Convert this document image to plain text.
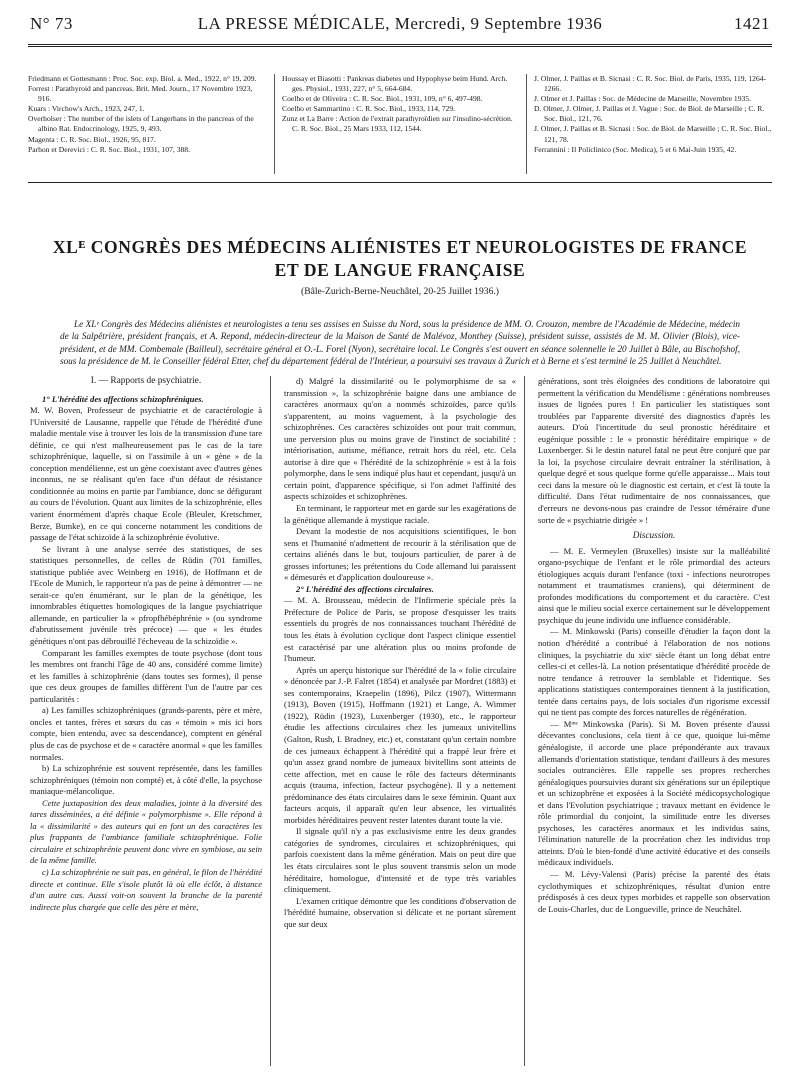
N° 73	LA PRESSE MÉDICALE, Mercredi, 9 Septembre 1936	1421

Friedmann et Gottesmann : Proc. Soc. exp. Biol. a. Med., 1922, n° 19, 209.

Forrest : Parathyroid and pancreas. Brit. Med. Journ., 17 Novembre 1923, 916.

Kuars : Virchow's Arch., 1923, 247, 1.

Overholser : The number of the islets of Langerhans in the pancreas of the albino Rat. Endocrinology, 1925, 9, 493.

Magenta : C. R. Soc. Biol., 1926, 95, 817.

Parhon et Derevici : C. R. Soc. Biol., 1931, 107, 388.

Houssay et Biasotti : Pankreas diabetes und Hypophyse beim Hund. Arch. ges. Physiol., 1931, 227, n° 5, 664-684.

Coelho et de Oliveira : C. R. Soc. Biol., 1931, 109, n° 6, 497-498.

Coelho et Sammartino : C. R. Soc. Biol., 1933, 114, 729.

Zunz et La Barre : Action de l'extrait parathyroïdien sur l'insulino-sécrétion. C. R. Soc. Biol., 25 Mars 1933, 112, 1544.

J. Olmer, J. Paillas et B. Sicnasi : C. R. Soc. Biol. de Paris, 1935, 119, 1264-1266.

J. Olmer et J. Paillas : Soc. de Médecine de Marseille, Novembre 1935.

D. Olmer, J. Olmer, J. Paillas et J. Vague : Soc. de Biol. de Marseille ; C. R. Soc. Biol., 121, 76.

J. Olmer, J. Paillas et B. Sicnasi : Soc. de Biol. de Marseille ; C. R. Soc. Biol., 121, 78.

Ferrannini : Il Policlinico (Soc. Medica), 5 et 6 Mai-Juin 1935, 42.

XLᴱ CONGRÈS DES MÉDECINS ALIÉNISTES ET NEUROLOGISTES DE FRANCE
ET DE LANGUE FRANÇAISE
(Bâle-Zurich-Berne-Neuchâtel, 20-25 Juillet 1936.)
Le XLᵉ Congrès des Médecins aliénistes et neurologistes a tenu ses assises en Suisse du Nord, sous la présidence de MM. O. Crouzon, membre de l'Académie de Médecine, médecin de la Salpêtrière, président français, et A. Repond, médecin-directeur de la Maison de Santé de Malévoz, Monthey (Suisse), président suisse, assistés de M. M. Olivier (Blois), vice-président, et de MM. Combemale (Bailleul), secrétaire général et O.-L. Forel (Nyon), secrétaire local. Le Congrès s'est ouvert en séance solennelle le 20 Juillet à Bâle, au Bischofshof, sous la présidence de M. le Conseiller fédéral Etter, chef du département fédéral de l'Intérieur, a poursuivi ses travaux à Zurich et à Berne et s'est terminé le 25 Juillet à Neuchâtel.

I. — Rapports de psychiatrie.

1° L'hérédité des affections schizophréniques.

M. W. Boven, Professeur de psychiatrie et de caractérologie à l'Université de Lausanne, rappelle que l'étude de l'hérédité d'une maladie mentale vise à trouver les lois de la transmission d'une tare définie, ce qui n'est malheureusement pas le cas de la tare schizophrénique, laquelle, si on l'assimile à un « gène » de la conception mendélienne, est un gène coexistant avec d'autres gènes inconnus, ne se réalisant qu'en face d'un défaut de résistance conditionnée au moins en partie par l'ambiance, donc se défigurant au cours de l'évolution. Quant aux limites de la schizophrénie, elles varient énormément d'après chaque Ecole (Bleuler, Kretschmer, Berze, Bumke), en ce qui concerne notamment les conditions de passage de l'état schizoïde à la schizophrénie évolutive.

Se livrant à une analyse serrée des statistiques, de ses statistiques personnelles, de celles de Rüdin (701 familles, statistique publiée avec Weinberg en 1916), de Hoffmann et de l'Ecole de Munich, le rapporteur n'a pas de peine à démontrer — ne serait-ce qu'en énumérant, sur le plan de la génétique, les innombrables étiquettes homologiques de la langue psychiatrique allemande, en particulier la « pfropfhébéphrénie » (ou syndrome d'abrutissement juvénile très précoce) — que « les études génétiques n'ont pas débrouillé l'écheveau de la schizoïdie ».

Comparant les familles exemptes de toute psychose (dont tous les membres ont franchi l'âge de 40 ans, considéré comme limite) et les familles à schizophrénie (dans toutes ses formes), il pense que ces deux groupes de familles diffèrent l'un de l'autre par ces particularités :

a) Les familles schizophréniques (grands-parents, père et mère, oncles et tantes, frères et sœurs du cas « témoin » mis ici hors compte, bien entendu, avec sa descendance), comptent en général plus de cas de psychose et de « caractère anormal » que les familles normales.

b) La schizophrénie est souvent représentée, dans les familles schizophréniques (témoin non compté) et, à côté d'elle, la psychose maniaque-mélancolique.

Cette juxtaposition des deux maladies, jointe à la diversité des tares disséminées, a été définie « polymorphisme ». Elle répond à la « dissimilarité » des auteurs qui en font un des caractères les plus frappants de l'ambiance familiale schizophrénique. Folie circulaire et schizophrénie peuvent donc vivre en symbiose, au sein de la même famille.

c) La schizophrénie ne suit pas, en général, le filon de l'hérédité directe et continue. Elle s'isole plutôt là où elle éclôt, à distance d'un autre cas. Aussi voit-on souvent la branche de la parenté indirecte plus chargée que celle des père et mère,

d) Malgré la dissimilarité ou le polymorphisme de sa « transmission », la schizophrénie baigne dans une ambiance de caractères anormaux qu'on a nommés schizoïdes, parce qu'ils s'apparentent, au moins vaguement, à la psychologie des schizophrènes. Ces caractères schizoïdes ont pour trait commun, une perversion plus ou moins grave de l'instinct de sociabilité : intériorisation, autisme, méfiance, retrait hors du réel, etc. Cela autorise à dire que « l'hérédité de la schizophrénie » est à la fois polymorphe, dans le sens indiqué plus haut et cependant, jusqu'à un certain point, d'apparence spécifique, si l'on admet l'affinité des aspects schizoïdes et schizophrènes.

En terminant, le rapporteur met en garde sur les exagérations de la génétique allemande à mystique raciale.

Devant la modestie de nos acquisitions scientifiques, le bon sens et l'humanité n'admettent de recourir à la stérilisation que de certains aliénés dans le but, toujours particulier, de parer à de grosses infortunes; les prétentions du Code allemand lui paraissent « démesurés et d'application douloureuse ».

2° L'hérédité des affections circulaires.

— M. A. Brousseau, médecin de l'Infirmerie spéciale près la Préfecture de Police de Paris, se propose d'esquisser les traits essentiels du progrès de nos connaissances touchant l'hérédité de tous les états à évolution cyclique dont l'aspect clinique essentiel est caractérisé par une altération plus ou moins profonde de l'humeur.

Après un aperçu historique sur l'hérédité de la « folie circulaire » dénoncée par J.-P. Falret (1854) et analysée par Mordret (1883) et ses contemporains, Kraepelin (1896), Pilcz (1907), Wittermann (1913), Boven (1915), Hoffmann (1921) et Lange, A. Wimmer (1922), Rüdin (1923), Luxenberger (1930), etc., le rapporteur étudie les affections circulaires chez les jumeaux univitellins (Galton, Rush, I. Bradney, etc.) et, constatant qu'un certain nombre de ces jumeaux échappent à l'hérédité qui a frappé leur frère et qu'un assez grand nombre de jumeaux bivitellins sont atteints de cette affection, met en cause le rôle des facteurs déterminants acquis (trauma, infection, facteur psychogène). Il y a nettement prédominance des états circulaires dans le sexe féminin. Quant aux facteurs acquis, il apparaît qu'en leur absence, les virtualités morbides héréditaires peuvent rester latentes durant toute la vie.

Il signale qu'il n'y a pas exclusivisme entre les deux grandes catégories de syndromes, circulaires et schizophréniques, qui parfois coexistent dans la même génération. Mais on peut dire que les états circulaires sont le plus souvent transmis selon un mode héréditaire, homologue, d'intensité et de type très variables cliniquement.

L'examen critique démontre que les conditions d'observation de l'hérédité humaine, observation si délicate et ne portant sûrement que sur deux

générations, sont très éloignées des conditions de laboratoire qui permettent la vérification du Mendélisme : générations nombreuses issues de lignées pures ! En particulier les statistiques sont troublées par l'apparente diversité des diagnostics d'après les auteurs. D'où l'incertitude du seul pronostic héréditaire et eugénique possible : le « pronostic héréditaire empirique » de Luxenberger. Si le destin naturel fatal ne peut être conjuré que par la loi, la psychose circulaire devrait entraîner la stérilisation, à quelque degré et sous quelque forme qu'elle apparaisse... Mais tout ceci dans la mesure où le diagnostic est certain, et c'est là toute la difficulté. Dans l'état rudimentaire de nos connaissances, que d'erreurs ne devons-nous pas craindre de l'essor téméraire d'une sorte de « psychiatrie dirigée » !

Discussion.

— M. E. Vermeylen (Bruxelles) insiste sur la malléabilité organo-psychique de l'enfant et le rôle primordial des acteurs étiologiques acquis durant l'enfance (toxi - infections neurotropes notamment et traumatismes craniens), qui déterminent de profondes modifications du comportement et du caractère. C'est ainsi que le milieu social exerce certainement sur le développement psychique du jeune individu une influence considérable.

— M. Minkowski (Paris) conseille d'étudier la façon dont la notion d'hérédité a contribué à l'élaboration de nos notions cliniques, la psychiatrie du xixᵉ siècle étant un long débat entre celles-ci et celles-là. La notion présentatique d'hérédité procède de notre tendance à retrouver la semblable et l'identique. Ses applications statistiques contemporaines tiennent à la justification, tentée dans certains pays, de lois sociales d'un rigorisme excessif qui ne tient pas compte des forces naturelles de régénération.

— Mᵐᵉ Minkowska (Paris). Si M. Boven présente d'aussi décevantes conclusions, cela tient à ce que, quoique lui-même généalogiste, il accorde une place prépondérante aux travaux allemands d'orientation statistique, tendant d'ailleurs à des mesures sociales outrancières. Elle rappelle ses propres recherches généalogiques poursuivies durant six générations sur un épileptique et un schizophrène et exposées à la Société médicopsychologique et dans l'Evolution psychiatrique ; travaux mettant en évidence le rôle primordial du conjoint, la similitude entre les diverses psychoses, les caractères anormaux et les individus sains, l'élimination naturelle de la procréation chez les individus trop atteints. D'où le bien-fondé d'une activité éducative et des conseils médicaux individuels.

— M. Lévy-Valensi (Paris) précise la parenté des états cyclothymiques et schizophréniques, résultat d'union entre prédisposés à ces deux types morbides et rappelle son observation de Louis-Charles, duc de Longueville, prince de Neuchâtel.
